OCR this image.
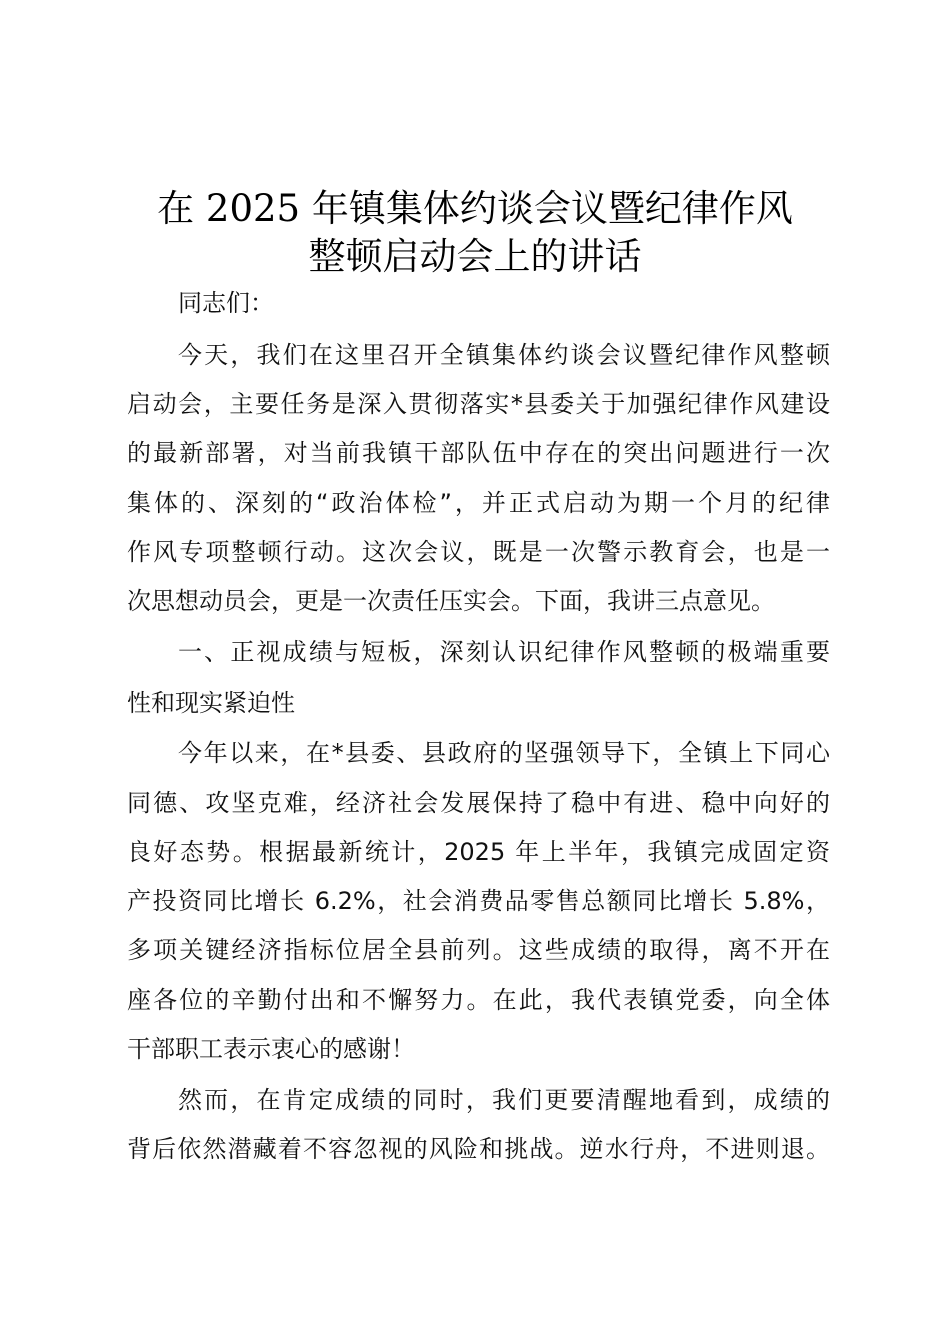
在 2025 年镇集体约谈会议暨纪律作风
整顿启动会上的讲话
同志们：
今天，我们在这里召开全镇集体约谈会议暨纪律作风整顿
启动会，主要任务是深入贯彻落实*县委关于加强纪律作风建设
的最新部署，对当前我镇干部队伍中存在的突出问题进行一次
集体的、深刻的“政治体检”，并正式启动为期一个月的纪律
作风专项整顿行动。这次会议，既是一次警示教育会，也是一
次思想动员会，更是一次责任压实会。下面，我讲三点意见。
一、正视成绩与短板，深刻认识纪律作风整顿的极端重要
性和现实紧迫性
今年以来，在*县委、县政府的坚强领导下，全镇上下同心
同德、攻坚克难，经济社会发展保持了稳中有进、稳中向好的
良好态势。根据最新统计，2025 年上半年，我镇完成固定资
产投资同比增长 6.2%，社会消费品零售总额同比增长 5.8%，
多项关键经济指标位居全县前列。这些成绩的取得，离不开在
座各位的辛勤付出和不懈努力。在此，我代表镇党委，向全体
干部职工表示衷心的感谢！
然而，在肯定成绩的同时，我们更要清醒地看到，成绩的
背后依然潜藏着不容忽视的风险和挑战。逆水行舟，不进则退。
